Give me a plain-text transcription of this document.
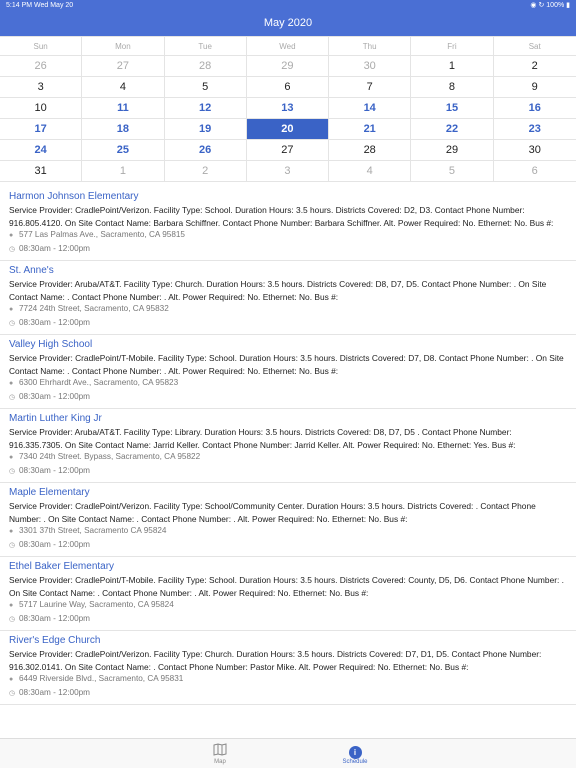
5:14 PM Wed May 20	◉ ↻ 100% ▮
May 2020
Sun	Mon	Tue	Wed	Thu	Fri	Sat
26	27	28	29	30	1	2
3	4	5	6	7	8	9
10	11	12	13	14	15	16
17	18	19	20	21	22	23
24	25	26	27	28	29	30
31	1	2	3	4	5	6
Harmon Johnson Elementary
Service Provider: CradlePoint/Verizon. Facility Type: School. Duration Hours: 3.5 hours. Districts Covered: D2, D3. Contact Phone Number: 916.805.4120. On Site Contact Name: Barbara Schiffner. Contact Phone Number: Barbara Schiffner. Alt. Power Required: No. Ethernet: No. Bus #:
● 577 Las Palmas Ave., Sacramento, CA 95815
◷ 08:30am - 12:00pm
St. Anne's
Service Provider: Aruba/AT&T. Facility Type: Church. Duration Hours: 3.5 hours. Districts Covered: D8, D7, D5. Contact Phone Number: . On Site Contact Name: . Contact Phone Number: . Alt. Power Required: No. Ethernet: No. Bus #:
● 7724 24th Street, Sacramento, CA 95832
◷ 08:30am - 12:00pm
Valley High School
Service Provider: CradlePoint/T-Mobile. Facility Type: School. Duration Hours: 3.5 hours. Districts Covered: D7, D8. Contact Phone Number: . On Site Contact Name: . Contact Phone Number: . Alt. Power Required: No. Ethernet: No. Bus #:
● 6300 Ehrhardt Ave., Sacramento, CA 95823
◷ 08:30am - 12:00pm
Martin Luther King Jr
Service Provider: Aruba/AT&T. Facility Type: Library. Duration Hours: 3.5 hours. Districts Covered: D8, D7, D5 . Contact Phone Number: 916.335.7305. On Site Contact Name: Jarrid Keller. Contact Phone Number: Jarrid Keller. Alt. Power Required: No. Ethernet: Yes. Bus #:
● 7340 24th Street. Bypass, Sacramento, CA 95822
◷ 08:30am - 12:00pm
Maple Elementary
Service Provider: CradlePoint/Verizon. Facility Type: School/Community Center. Duration Hours: 3.5 hours. Districts Covered: . Contact Phone Number: . On Site Contact Name: . Contact Phone Number: . Alt. Power Required: No. Ethernet: No. Bus #:
● 3301 37th Street, Sacramento CA 95824
◷ 08:30am - 12:00pm
Ethel Baker Elementary
Service Provider: CradlePoint/T-Mobile. Facility Type: School. Duration Hours: 3.5 hours. Districts Covered: County, D5, D6. Contact Phone Number: . On Site Contact Name: . Contact Phone Number: . Alt. Power Required: No. Ethernet: No. Bus #:
● 5717 Laurine Way, Sacramento, CA 95824
◷ 08:30am - 12:00pm
River's Edge Church
Service Provider: CradlePoint/Verizon. Facility Type: Church. Duration Hours: 3.5 hours. Districts Covered: D7, D1, D5. Contact Phone Number: 916.302.0141. On Site Contact Name: . Contact Phone Number: Pastor Mike. Alt. Power Required: No. Ethernet: No. Bus #:
● 6449 Riverside Blvd., Sacramento, CA 95831
◷ 08:30am - 12:00pm
Map
i
Schedule
